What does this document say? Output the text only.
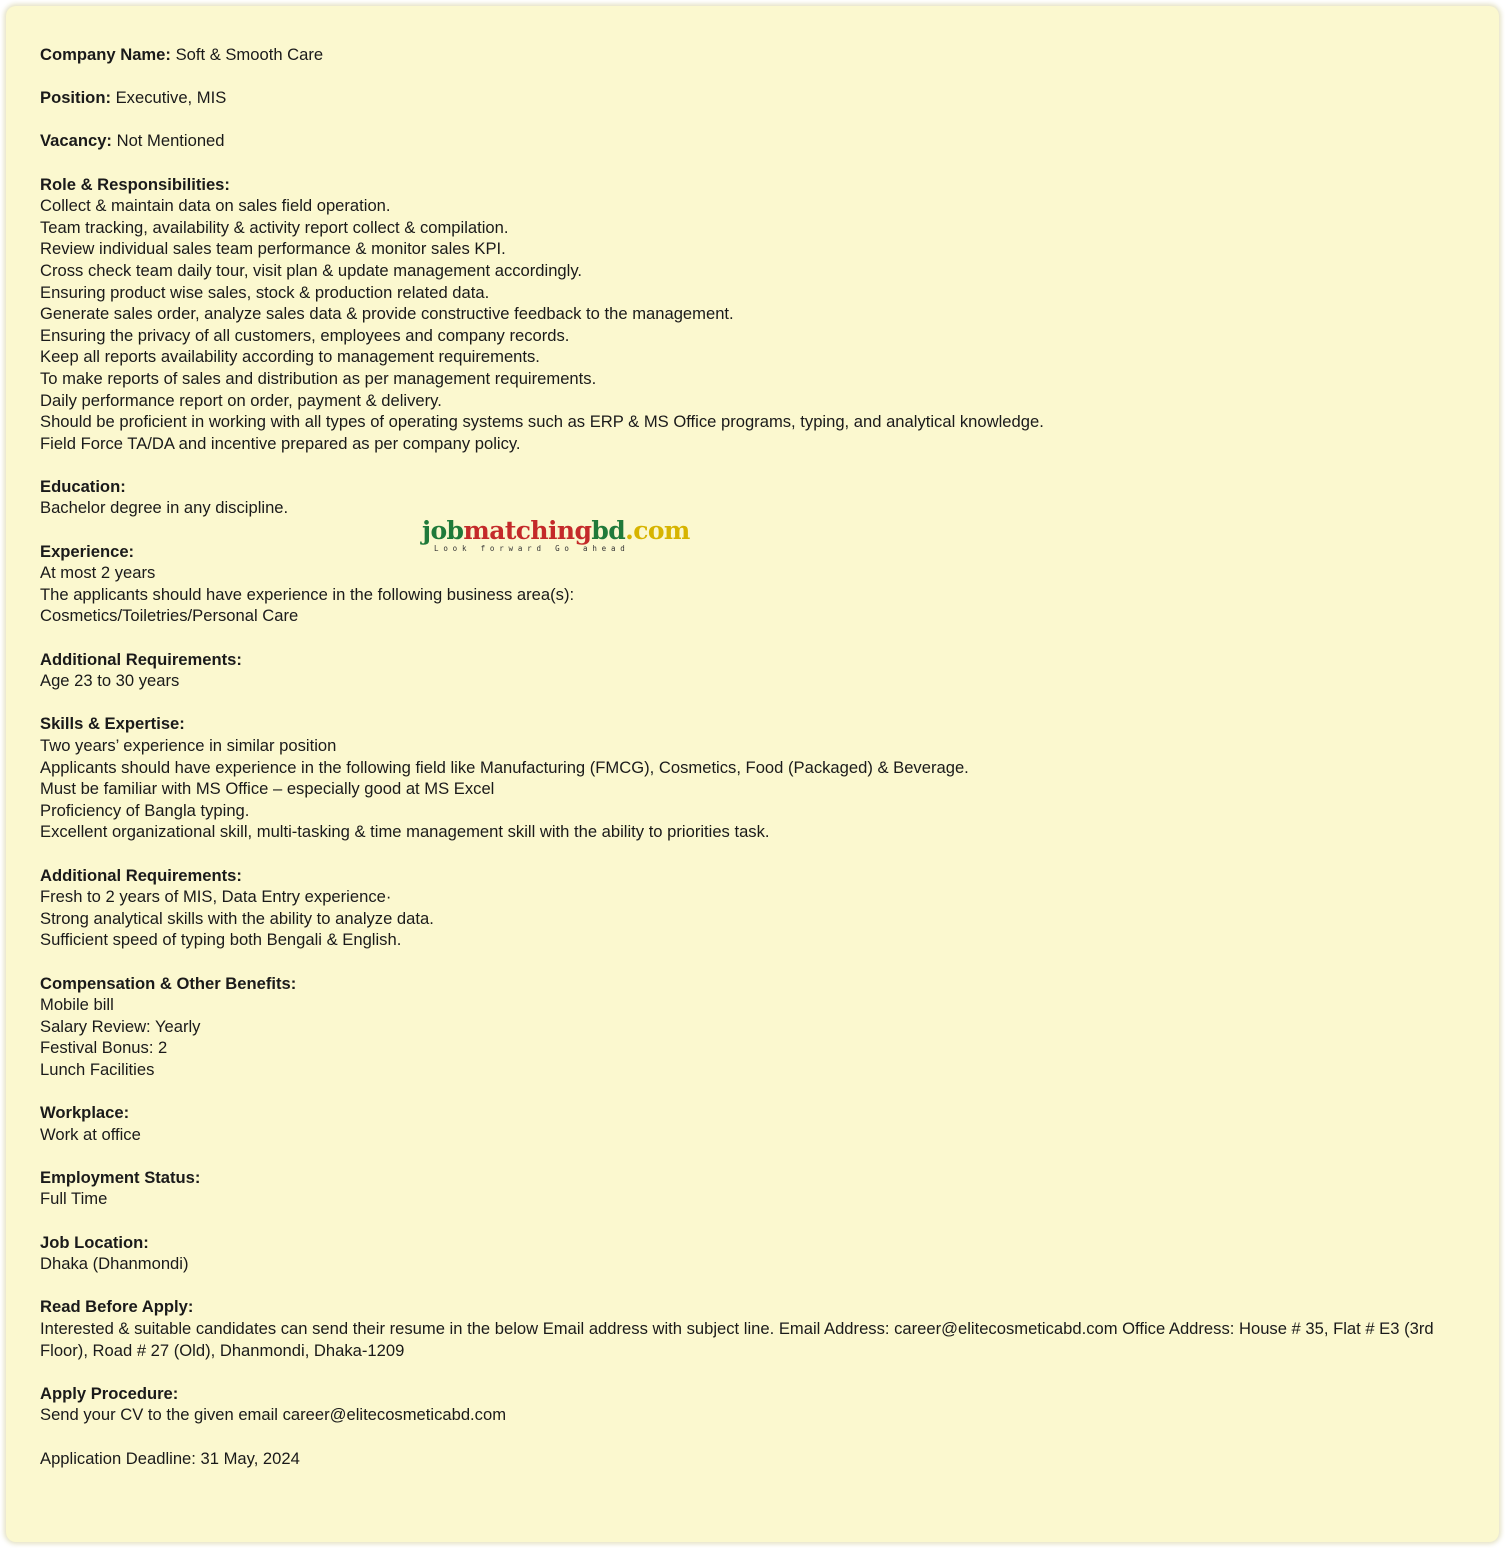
Company Name: Soft & Smooth Care
Position: Executive, MIS
Vacancy: Not Mentioned
Role & Responsibilities:
Collect & maintain data on sales field operation.
Team tracking, availability & activity report collect & compilation.
Review individual sales team performance & monitor sales KPI.
Cross check team daily tour, visit plan & update management accordingly.
Ensuring product wise sales, stock & production related data.
Generate sales order, analyze sales data & provide constructive feedback to the management.
Ensuring the privacy of all customers, employees and company records.
Keep all reports availability according to management requirements.
To make reports of sales and distribution as per management requirements.
Daily performance report on order, payment & delivery.
Should be proficient in working with all types of operating systems such as ERP & MS Office programs, typing, and analytical knowledge.
Field Force TA/DA and incentive prepared as per company policy.
Education:
Bachelor degree in any discipline.
Experience:
At most 2 years
The applicants should have experience in the following business area(s):
Cosmetics/Toiletries/Personal Care
Additional Requirements:
Age 23 to 30 years
Skills & Expertise:
Two years’ experience in similar position
Applicants should have experience in the following field like Manufacturing (FMCG), Cosmetics, Food (Packaged) & Beverage.
Must be familiar with MS Office – especially good at MS Excel
Proficiency of Bangla typing.
Excellent organizational skill, multi-tasking & time management skill with the ability to priorities task.
Additional Requirements:
Fresh to 2 years of MIS, Data Entry experience·
Strong analytical skills with the ability to analyze data.
Sufficient speed of typing both Bengali & English.
Compensation & Other Benefits:
Mobile bill
Salary Review: Yearly
Festival Bonus: 2
Lunch Facilities
Workplace:
Work at office
Employment Status:
Full Time
Job Location:
Dhaka (Dhanmondi)
Read Before Apply:
Interested & suitable candidates can send their resume in the below Email address with subject line. Email Address: career@elitecosmeticabd.com Office Address: House # 35, Flat # E3 (3rd Floor), Road # 27 (Old), Dhanmondi, Dhaka-1209
Apply Procedure:
Send your CV to the given email career@elitecosmeticabd.com
Application Deadline: 31 May, 2024
jobmatchingbd.com
Look forward Go ahead
